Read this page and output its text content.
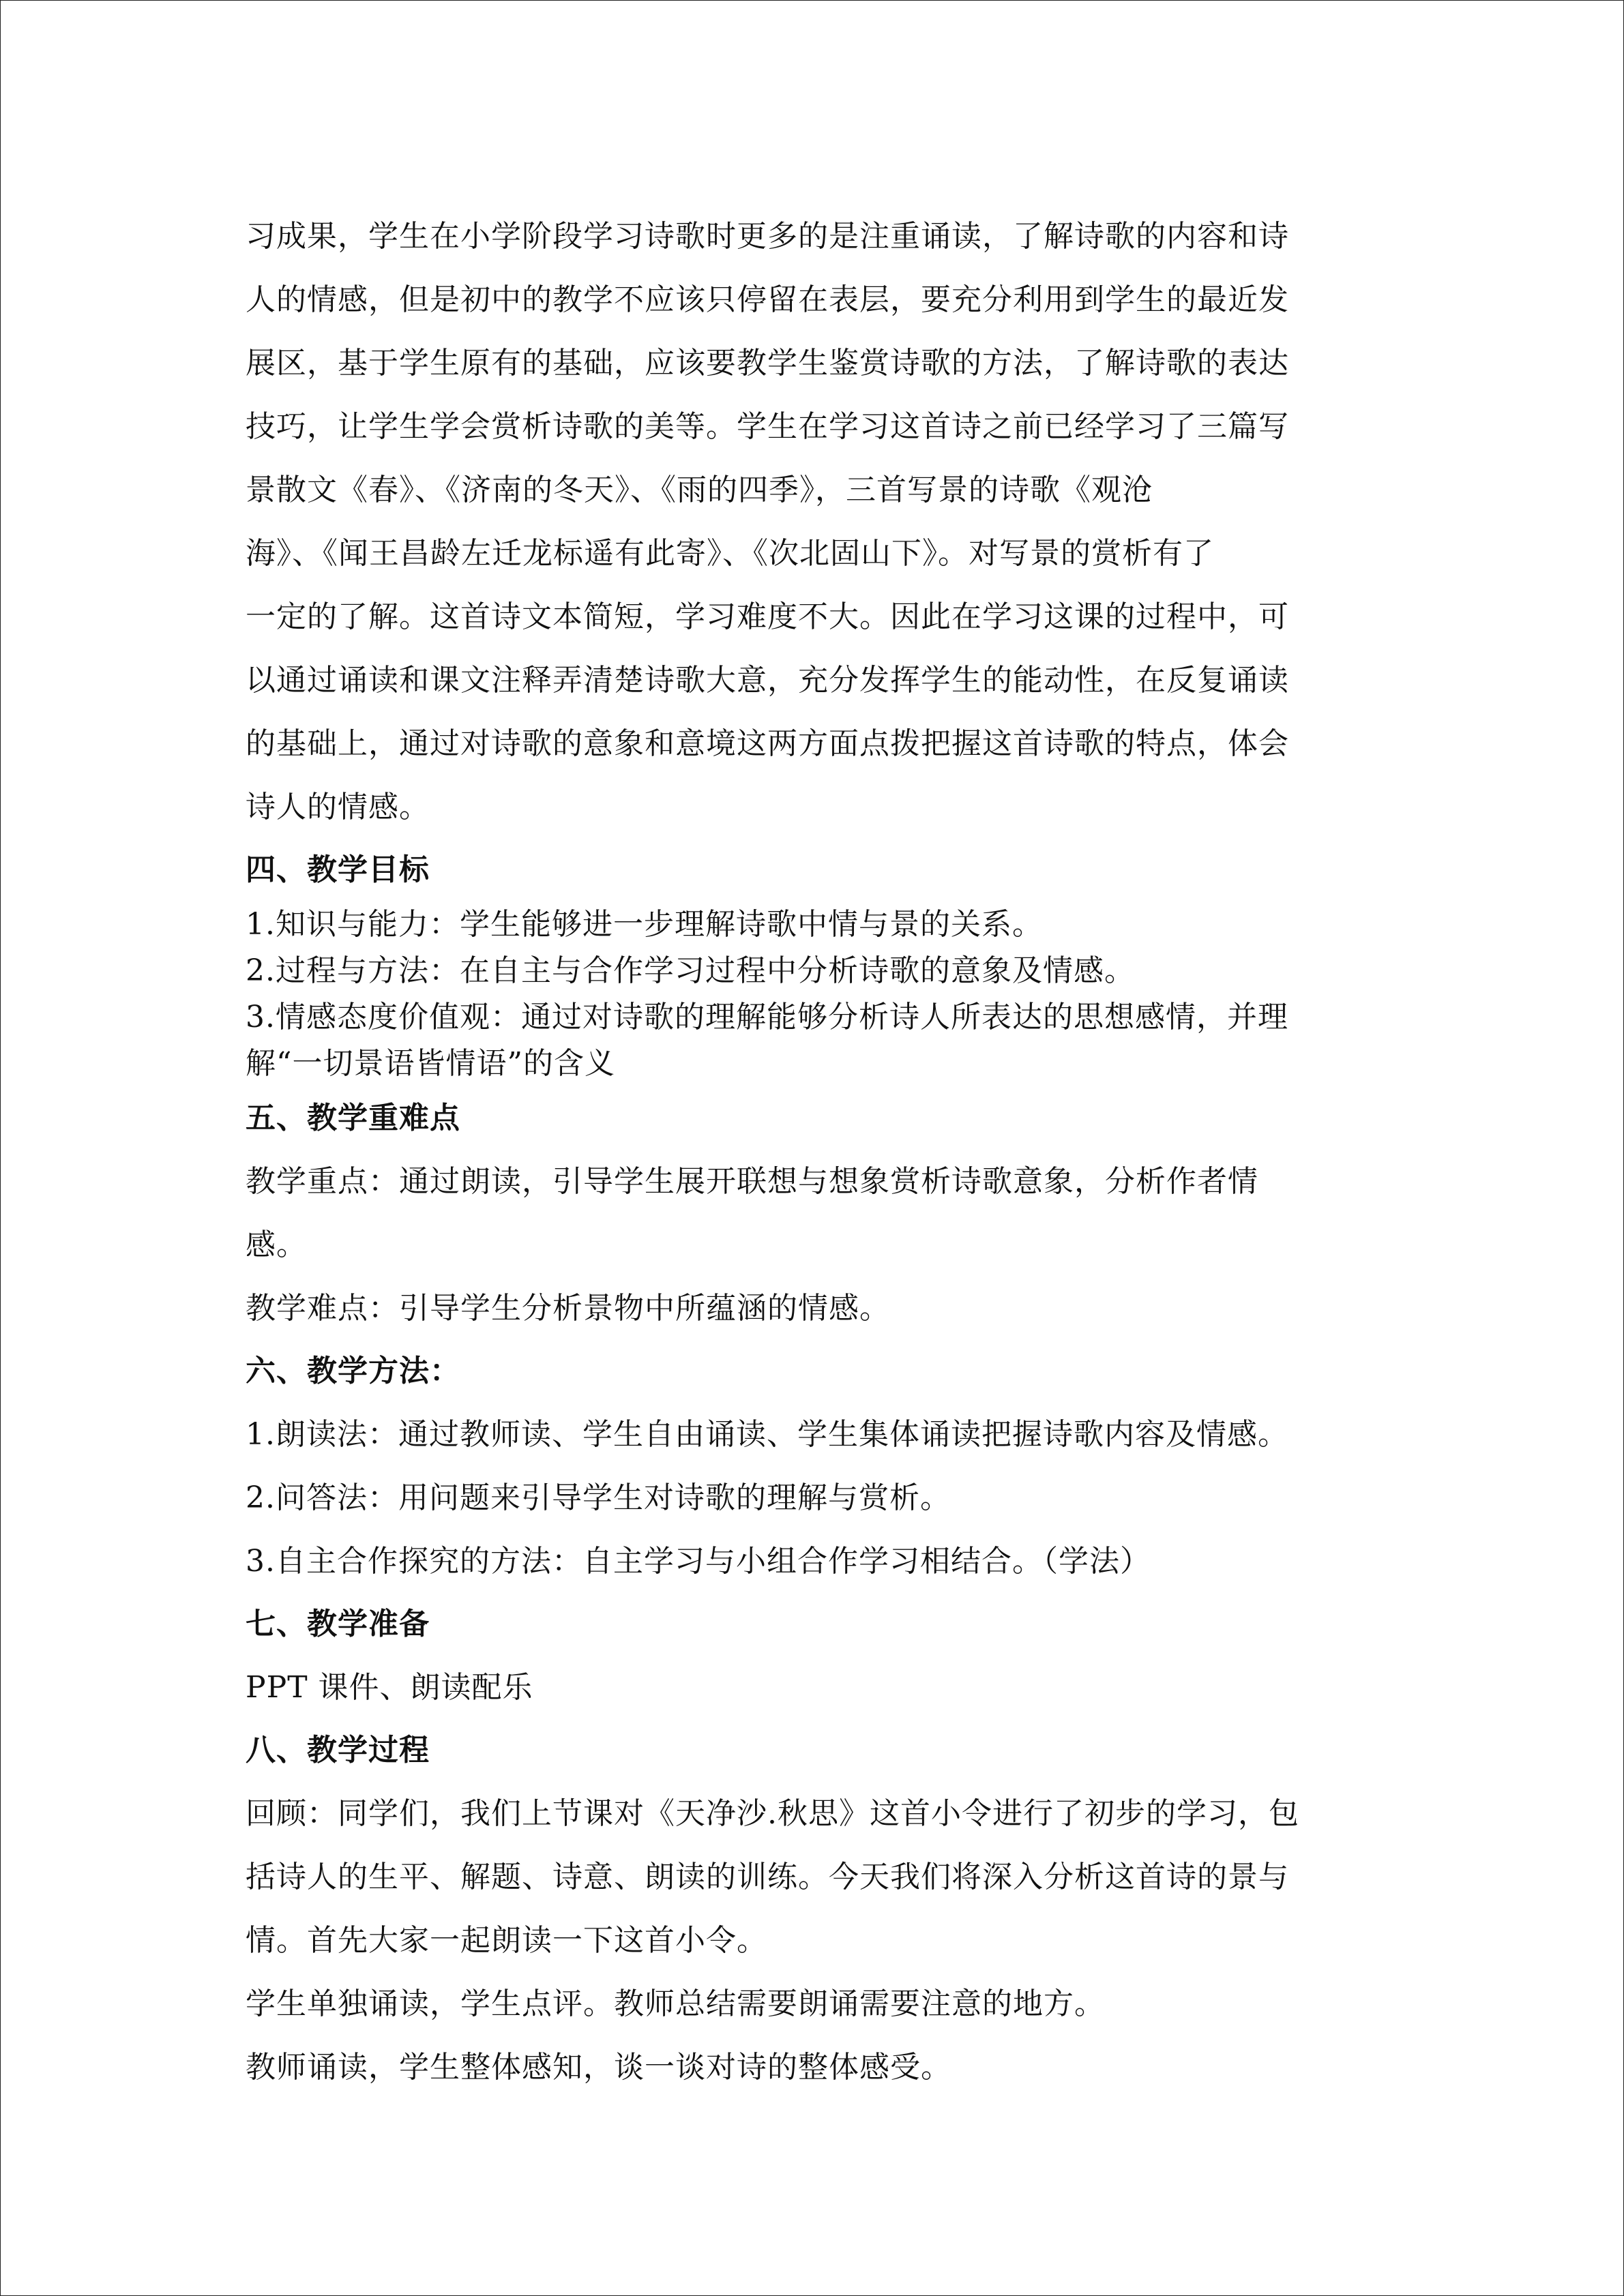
习成果，学生在小学阶段学习诗歌时更多的是注重诵读，了解诗歌的内容和诗
人的情感，但是初中的教学不应该只停留在表层，要充分利用到学生的最近发
展区，基于学生原有的基础，应该要教学生鉴赏诗歌的方法，了解诗歌的表达
技巧，让学生学会赏析诗歌的美等。学生在学习这首诗之前已经学习了三篇写
景散文《春》、《济南的冬天》、《雨的四季》，三首写景的诗歌《观沧
海》、《闻王昌龄左迁龙标遥有此寄》、《次北固山下》。对写景的赏析有了
一定的了解。这首诗文本简短，学习难度不大。因此在学习这课的过程中，可
以通过诵读和课文注释弄清楚诗歌大意，充分发挥学生的能动性，在反复诵读
的基础上，通过对诗歌的意象和意境这两方面点拨把握这首诗歌的特点，体会
诗人的情感。

四、教学目标

1.知识与能力：学生能够进一步理解诗歌中情与景的关系。

2.过程与方法：在自主与合作学习过程中分析诗歌的意象及情感。

3.情感态度价值观：通过对诗歌的理解能够分析诗人所表达的思想感情，并理

解“一切景语皆情语”的含义

五、教学重难点

教学重点：通过朗读，引导学生展开联想与想象赏析诗歌意象，分析作者情

感。

教学难点：引导学生分析景物中所蕴涵的情感。

六、教学方法：

1.朗读法：通过教师读、学生自由诵读、学生集体诵读把握诗歌内容及情感。

2.问答法：用问题来引导学生对诗歌的理解与赏析。

3.自主合作探究的方法：自主学习与小组合作学习相结合。（学法）

七、教学准备

PPT 课件、朗读配乐

八、教学过程

回顾：同学们，我们上节课对《天净沙.秋思》这首小令进行了初步的学习，包

括诗人的生平、解题、诗意、朗读的训练。今天我们将深入分析这首诗的景与

情。首先大家一起朗读一下这首小令。

学生单独诵读，学生点评。教师总结需要朗诵需要注意的地方。

教师诵读，学生整体感知，谈一谈对诗的整体感受。
